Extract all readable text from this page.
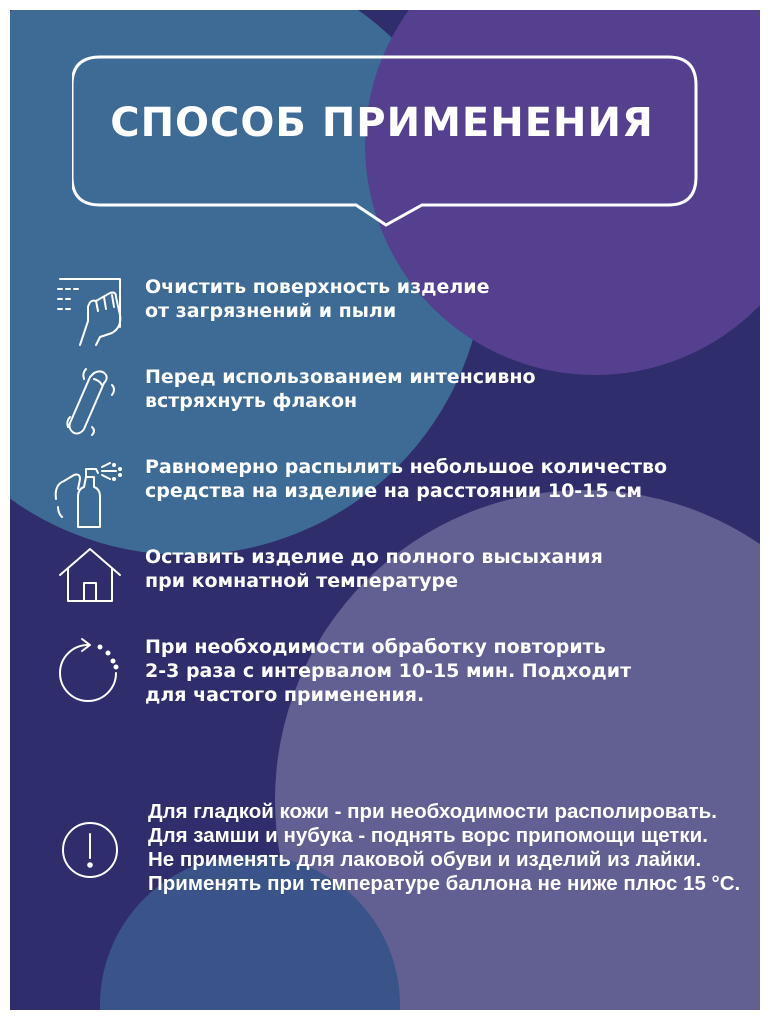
СПОСОБ ПРИМЕНЕНИЯ
Очистить поверхность изделие
от загрязнений и пыли
Перед использованием интенсивно
встряхнуть флакон
Равномерно распылить небольшое количество
средства на изделие на расстоянии 10-15 см
Оставить изделие до полного высыхания
при комнатной температуре
При необходимости обработку повторить
2-3 раза с интервалом 10-15 мин. Подходит
для частого применения.
Для гладкой кожи - при необходимости располировать.
Для замши и нубука - поднять ворс припомощи щетки.
Не применять для лаковой обуви и изделий из лайки.
Применять при температуре баллона не ниже плюс 15 °С.
